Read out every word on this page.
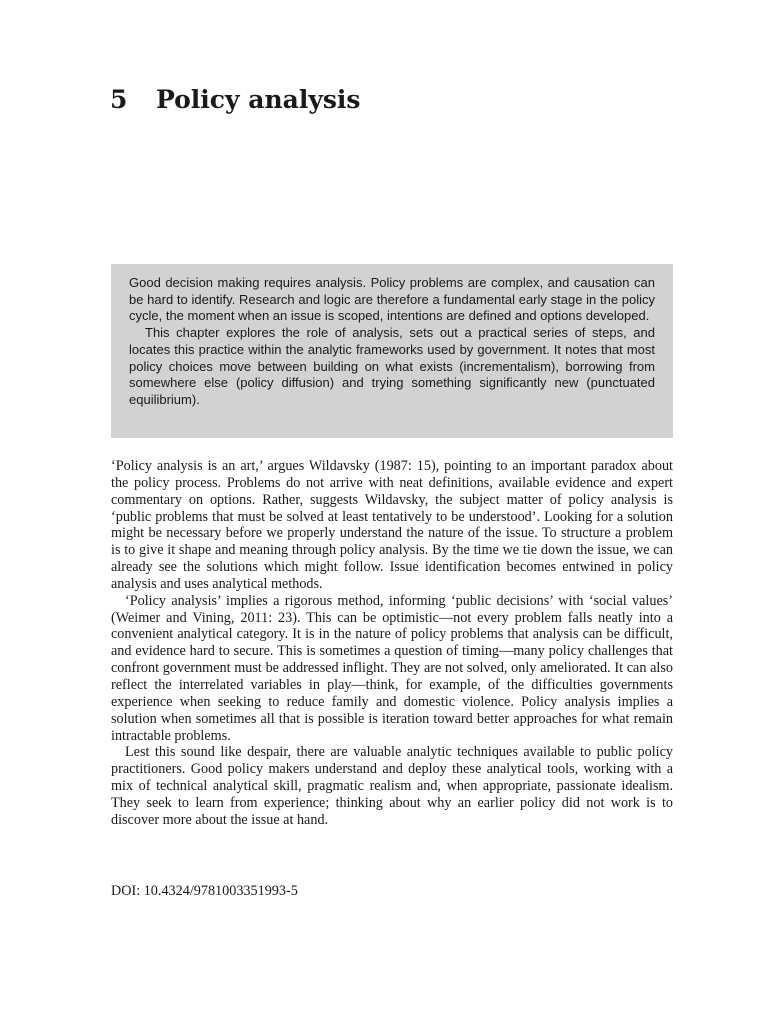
5 Policy analysis

Good decision making requires analysis. Policy problems are complex, and causation can be hard to identify. Research and logic are therefore a fundamental early stage in the policy cycle, the moment when an issue is scoped, intentions are defined and options developed.

This chapter explores the role of analysis, sets out a practical series of steps, and locates this practice within the analytic frameworks used by government. It notes that most policy choices move between building on what exists (incrementalism), borrowing from somewhere else (policy diffusion) and trying something significantly new (punctuated equilibrium).

‘Policy analysis is an art,’ argues Wildavsky (1987: 15), pointing to an important paradox about the policy process. Problems do not arrive with neat definitions, available evidence and expert commentary on options. Rather, suggests Wildavsky, the subject matter of policy analysis is ‘public problems that must be solved at least tentatively to be understood’. Looking for a solution might be necessary before we properly understand the nature of the issue. To structure a problem is to give it shape and meaning through policy analysis. By the time we tie down the issue, we can already see the solutions which might follow. Issue identification becomes entwined in policy analysis and uses analytical methods.

‘Policy analysis’ implies a rigorous method, informing ‘public decisions’ with ‘social values’ (Weimer and Vining, 2011: 23). This can be optimistic—not every problem falls neatly into a convenient analytical category. It is in the nature of policy problems that analysis can be difficult, and evidence hard to secure. This is sometimes a question of timing—many policy challenges that confront government must be addressed inflight. They are not solved, only ameliorated. It can also reflect the interrelated variables in play—think, for example, of the difficulties governments experience when seeking to reduce family and domestic violence. Policy analysis implies a solution when sometimes all that is possible is iteration toward better approaches for what remain intractable problems.

Lest this sound like despair, there are valuable analytic techniques available to public policy practitioners. Good policy makers understand and deploy these analytical tools, working with a mix of technical analytical skill, pragmatic realism and, when appropriate, passionate idealism. They seek to learn from experience; thinking about why an earlier policy did not work is to discover more about the issue at hand.

DOI: 10.4324/9781003351993-5
